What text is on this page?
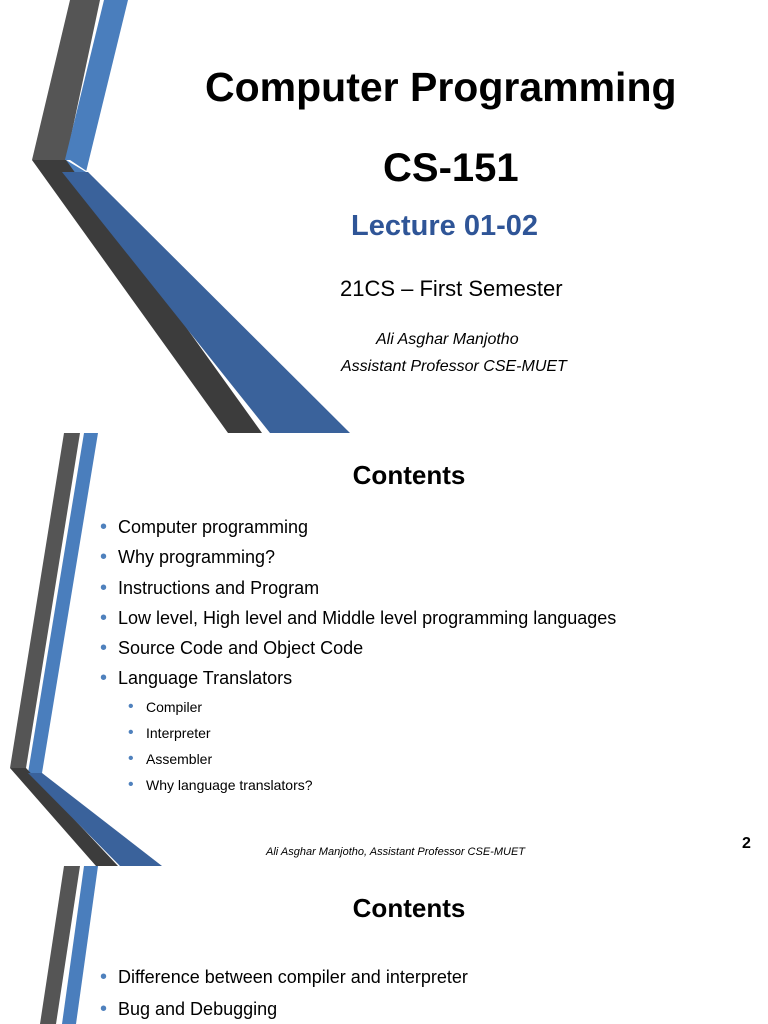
Computer Programming
CS-151
Lecture 01-02
21CS – First Semester
Ali Asghar Manjotho
Assistant Professor CSE-MUET
Contents
• Computer programming
• Why programming?
• Instructions and Program
• Low level, High level and Middle level programming languages
• Source Code and Object Code
• Language Translators
• Compiler
• Interpreter
• Assembler
• Why language translators?
Ali Asghar Manjotho, Assistant Professor CSE-MUET	2
Contents
• Difference between compiler and interpreter
• Bug and Debugging
